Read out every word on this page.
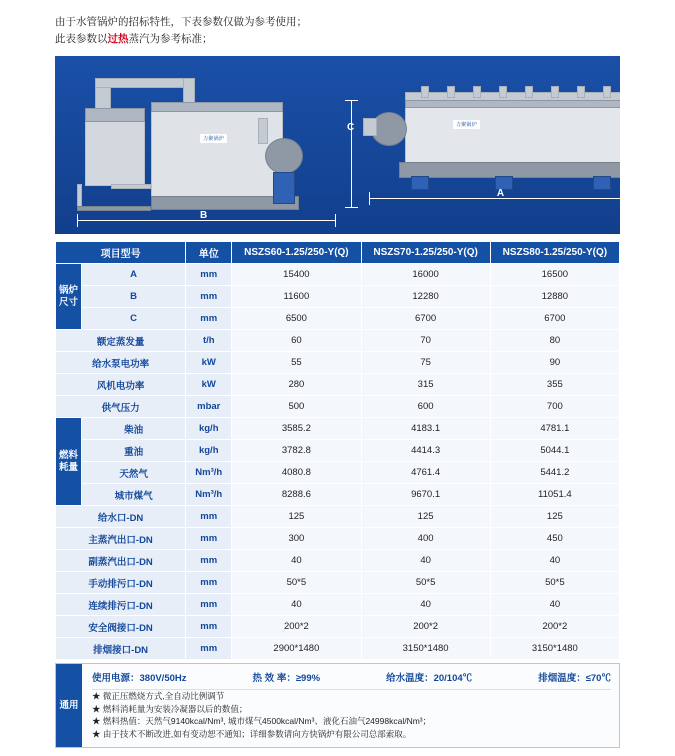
由于水管锅炉的招标特性，下表参数仅做为参考使用；
此表参数以过热蒸汽为参考标准；
力聚锅炉
C
B
力聚锅炉
A
项目型号		单位	NSZS60-1.25/250-Y(Q)	NSZS70-1.25/250-Y(Q)	NSZS80-1.25/250-Y(Q)

锅炉尺寸	A	mm	15400	16000	16500
	B	mm	11600	12280	12880
	C	mm	6500	6700	6700
额定蒸发量		t/h	60	70	80
给水泵电功率		kW	55	75	90
风机电功率		kW	280	315	355
供气压力		mbar	500	600	700

燃料耗量	柴油	kg/h	3585.2	4183.1	4781.1
	重油	kg/h	3782.8	4414.3	5044.1
	天然气	Nm³/h	4080.8	4761.4	5441.2
	城市煤气	Nm³/h	8288.6	9670.1	11051.4
给水口-DN		mm	125	125	125
主蒸汽出口-DN		mm	300	400	450
副蒸汽出口-DN		mm	40	40	40
手动排污口-DN		mm	50*5	50*5	50*5
连续排污口-DN		mm	40	40	40
安全阀接口-DN		mm	200*2	200*2	200*2
排烟接口-DN		mm	2900*1480	3150*1480	3150*1480
通用
使用电源：380V/50Hz	热 效 率：≥99%	给水温度：20/104℃	排烟温度：≤70℃
★ 微正压燃烧方式,全自动比例调节
★ 燃料消耗量为安装冷凝器以后的数值；
★ 燃料热值：天然气9140kcal/Nm³, 城市煤气4500kcal/Nm³、液化石油气24998kcal/Nm³；
★ 由于技术不断改进,如有变动恕不通知；详细参数请向方快锅炉有限公司总部索取。
